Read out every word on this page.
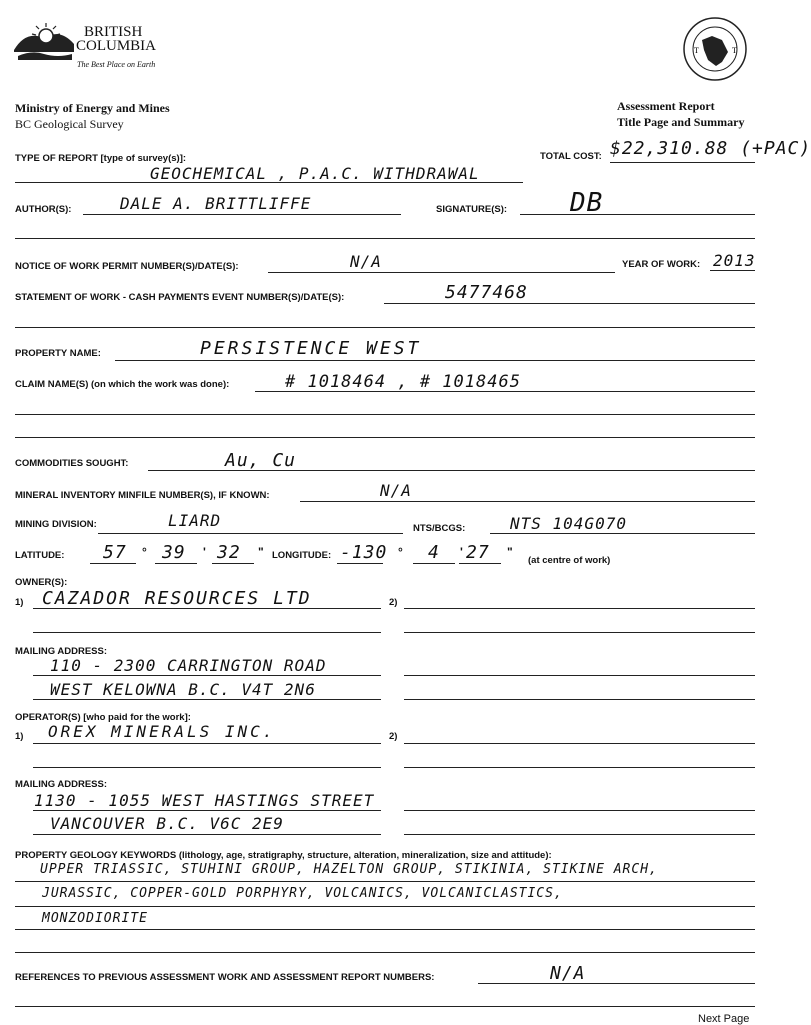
BRITISH
COLUMBIA
The Best Place on Earth
T	T
Ministry of Energy and Mines
BC Geological Survey
Assessment Report
Title Page and Summary
TYPE OF REPORT [type of survey(s)]:
GEOCHEMICAL , P.A.C. WITHDRAWAL
TOTAL COST: $22,310.88 (+PAC)
AUTHOR(S):	DALE A. BRITTLIFFE	SIGNATURE(S): DB
NOTICE OF WORK PERMIT NUMBER(S)/DATE(S):	N/A	YEAR OF WORK: 2013
STATEMENT OF WORK - CASH PAYMENTS EVENT NUMBER(S)/DATE(S):	5477468
PROPERTY NAME:	PERSISTENCE WEST
CLAIM NAME(S) (on which the work was done):	# 1018464 , # 1018465
COMMODITIES SOUGHT:	Au, Cu
MINERAL INVENTORY MINFILE NUMBER(S), IF KNOWN:	N/A
MINING DIVISION:	LIARD	NTS/BCGS:	NTS 104G070
LATITUDE: 57 ° 39 ' 32 " LONGITUDE: -130 ° 4 ' 27 "
(at centre of work)
OWNER(S):
1) CAZADOR RESOURCES LTD	2)
MAILING ADDRESS:
110 - 2300 CARRINGTON ROAD
WEST KELOWNA B.C. V4T 2N6
OPERATOR(S) [who paid for the work]:
1) OREX MINERALS INC.	2)
MAILING ADDRESS:
1130 - 1055 WEST HASTINGS STREET
VANCOUVER B.C. V6C 2E9
PROPERTY GEOLOGY KEYWORDS (lithology, age, stratigraphy, structure, alteration, mineralization, size and attitude):
UPPER TRIASSIC, STUHINI GROUP, HAZELTON GROUP, STIKINIA, STIKINE ARCH,
JURASSIC, COPPER-GOLD PORPHYRY, VOLCANICS, VOLCANICLASTICS,
MONZODIORITE
REFERENCES TO PREVIOUS ASSESSMENT WORK AND ASSESSMENT REPORT NUMBERS:	N/A
Next Page
